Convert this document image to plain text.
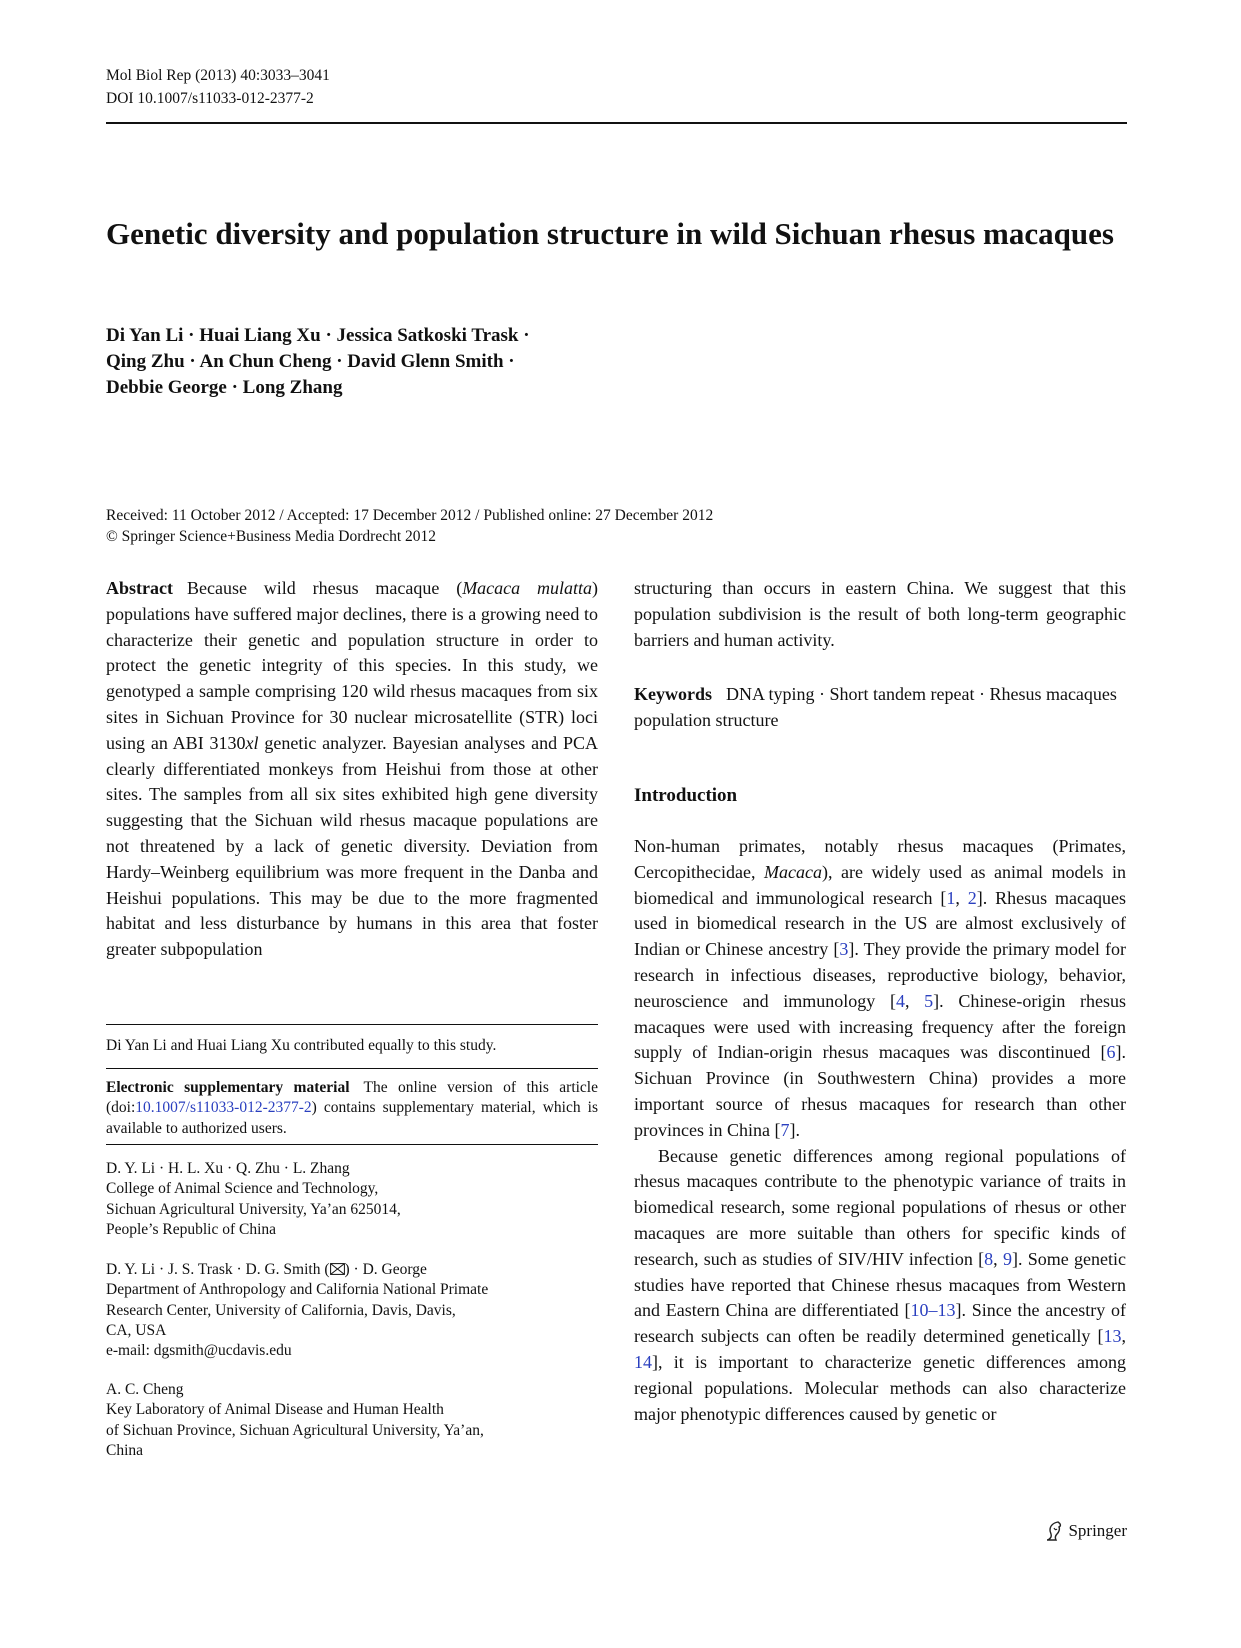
Mol Biol Rep (2013) 40:3033–3041
DOI 10.1007/s11033-012-2377-2
Genetic diversity and population structure in wild Sichuan rhesus macaques
Di Yan Li · Huai Liang Xu · Jessica Satkoski Trask ·
Qing Zhu · An Chun Cheng · David Glenn Smith ·
Debbie George · Long Zhang
Received: 11 October 2012 / Accepted: 17 December 2012 / Published online: 27 December 2012
© Springer Science+Business Media Dordrecht 2012

Abstract Because wild rhesus macaque (Macaca mulatta) populations have suffered major declines, there is a growing need to characterize their genetic and population structure in order to protect the genetic integrity of this species. In this study, we genotyped a sample comprising 120 wild rhesus macaques from six sites in Sichuan Province for 30 nuclear microsatellite (STR) loci using an ABI 3130xl genetic analyzer. Bayesian analyses and PCA clearly differentiated monkeys from Heishui from those at other sites. The samples from all six sites exhibited high gene diversity suggesting that the Sichuan wild rhesus macaque populations are not threatened by a lack of genetic diversity. Deviation from Hardy–Weinberg equilibrium was more frequent in the Danba and Heishui populations. This may be due to the more fragmented habitat and less disturbance by humans in this area that foster greater subpopulation

Di Yan Li and Huai Liang Xu contributed equally to this study.

Electronic supplementary material The online version of this article (doi:10.1007/s11033-012-2377-2) contains supplementary material, which is available to authorized users.

D. Y. Li · H. L. Xu · Q. Zhu · L. Zhang

College of Animal Science and Technology,

Sichuan Agricultural University, Ya’an 625014,

People’s Republic of China

D. Y. Li · J. S. Trask · D. G. Smith ( ) · D. George

Department of Anthropology and California National Primate

Research Center, University of California, Davis, Davis,

CA, USA

e-mail: dgsmith@ucdavis.edu

A. C. Cheng

Key Laboratory of Animal Disease and Human Health

of Sichuan Province, Sichuan Agricultural University, Ya’an,

China

structuring than occurs in eastern China. We suggest that this population subdivision is the result of both long-term geographic barriers and human activity.

Keywords DNA typing · Short tandem repeat · Rhesus macaques population structure

Introduction

Non-human primates, notably rhesus macaques (Primates, Cercopithecidae, Macaca), are widely used as animal models in biomedical and immunological research [1, 2]. Rhesus macaques used in biomedical research in the US are almost exclusively of Indian or Chinese ancestry [3]. They provide the primary model for research in infectious diseases, reproductive biology, behavior, neuroscience and immunology [4, 5]. Chinese-origin rhesus macaques were used with increasing frequency after the foreign supply of Indian-origin rhesus macaques was discontinued [6]. Sichuan Province (in Southwestern China) provides a more important source of rhesus macaques for research than other provinces in China [7].

Because genetic differences among regional populations of rhesus macaques contribute to the phenotypic variance of traits in biomedical research, some regional populations of rhesus or other macaques are more suitable than others for specific kinds of research, such as studies of SIV/HIV infection [8, 9]. Some genetic studies have reported that Chinese rhesus macaques from Western and Eastern China are differentiated [10–13]. Since the ancestry of research subjects can often be readily determined genetically [13, 14], it is important to characterize genetic differences among regional populations. Molecular methods can also characterize major phenotypic differences caused by genetic or

Springer
